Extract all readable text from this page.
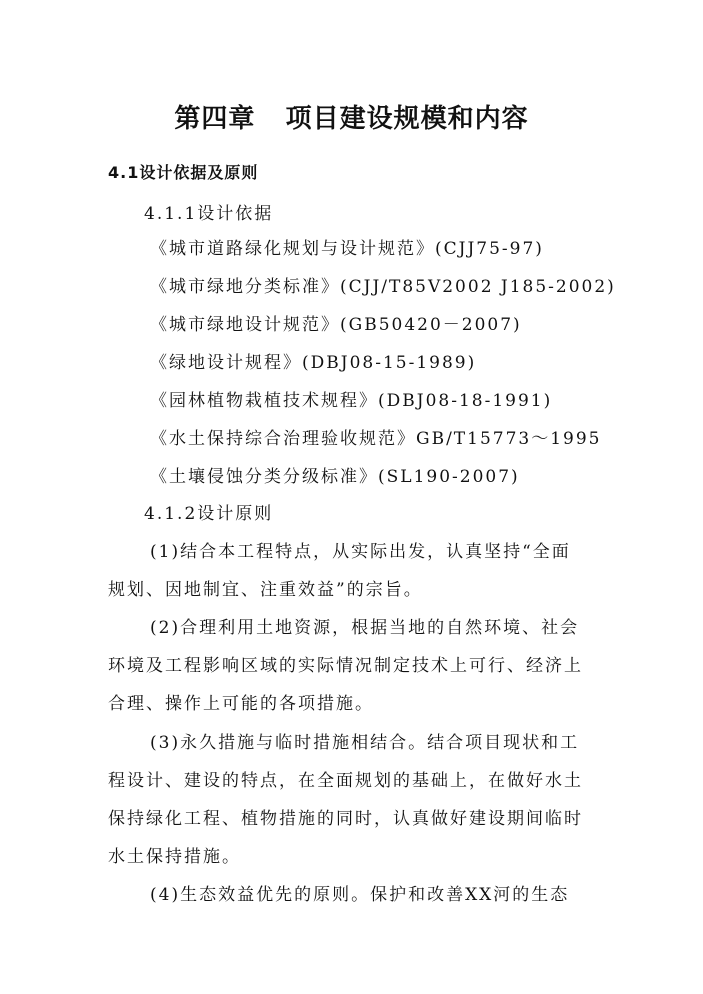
第四章   项目建设规模和内容

4.1设计依据及原则

4.1.1设计依据

《城市道路绿化规划与设计规范》(CJJ75-97)

《城市绿地分类标准》(CJJ/T85V2002 J185-2002)

《城市绿地设计规范》(GB50420－2007)

《绿地设计规程》(DBJ08-15-1989)

《园林植物栽植技术规程》(DBJ08-18-1991)

《水土保持综合治理验收规范》GB/T15773～1995

《土壤侵蚀分类分级标准》(SL190-2007)

4.1.2设计原则

(1)结合本工程特点，从实际出发，认真坚持“全面

规划、因地制宜、注重效益”的宗旨。

(2)合理利用土地资源，根据当地的自然环境、社会

环境及工程影响区域的实际情况制定技术上可行、经济上

合理、操作上可能的各项措施。

(3)永久措施与临时措施相结合。结合项目现状和工

程设计、建设的特点，在全面规划的基础上，在做好水土

保持绿化工程、植物措施的同时，认真做好建设期间临时

水土保持措施。

(4)生态效益优先的原则。保护和改善XX河的生态
